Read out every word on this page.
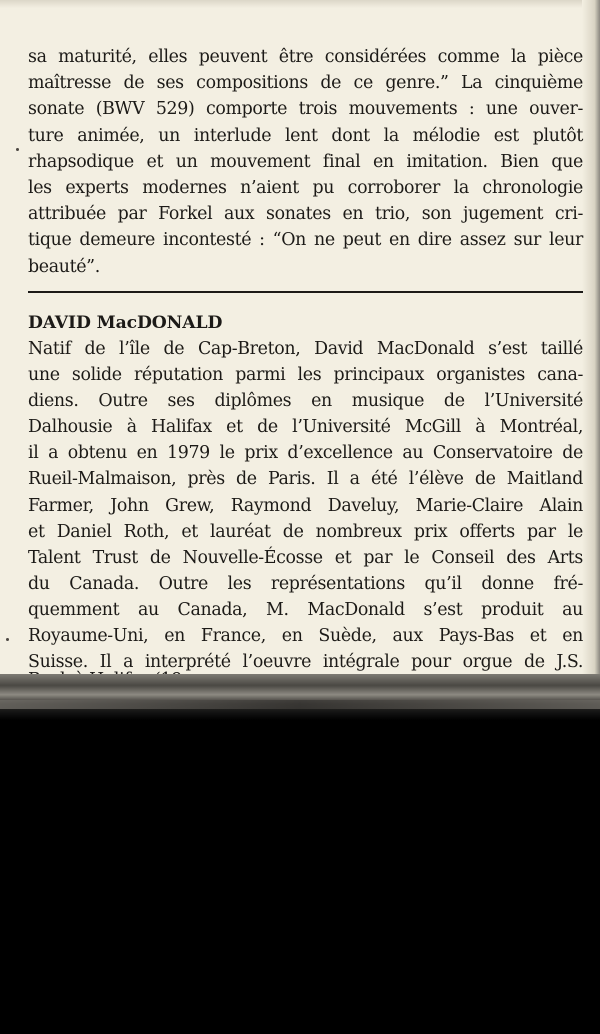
sa maturité, elles peuvent être considérées comme la pièce
maîtresse de ses compositions de ce genre.” La cinquième
sonate (BWV 529) comporte trois mouvements : une ouver-
ture animée, un interlude lent dont la mélodie est plutôt
rhapsodique et un mouvement final en imitation. Bien que
les experts modernes n’aient pu corroborer la chronologie
attribuée par Forkel aux sonates en trio, son jugement cri-
tique demeure incontesté : “On ne peut en dire assez sur leur
beauté”.
DAVID MacDONALD
Natif de l’île de Cap-Breton, David MacDonald s’est taillé
une solide réputation parmi les principaux organistes cana-
diens. Outre ses diplômes en musique de l’Université
Dalhousie à Halifax et de l’Université McGill à Montréal,
il a obtenu en 1979 le prix d’excellence au Conservatoire de
Rueil-Malmaison, près de Paris. Il a été l’élève de Maitland
Farmer, John Grew, Raymond Daveluy, Marie-Claire Alain
et Daniel Roth, et lauréat de nombreux prix offerts par le
Talent Trust de Nouvelle-Écosse et par le Conseil des Arts
du Canada. Outre les représentations qu’il donne fré-
quemment au Canada, M. MacDonald s’est produit au
Royaume-Uni, en France, en Suède, aux Pays-Bas et en
Suisse. Il a interprété l’oeuvre intégrale pour orgue de J.S.
